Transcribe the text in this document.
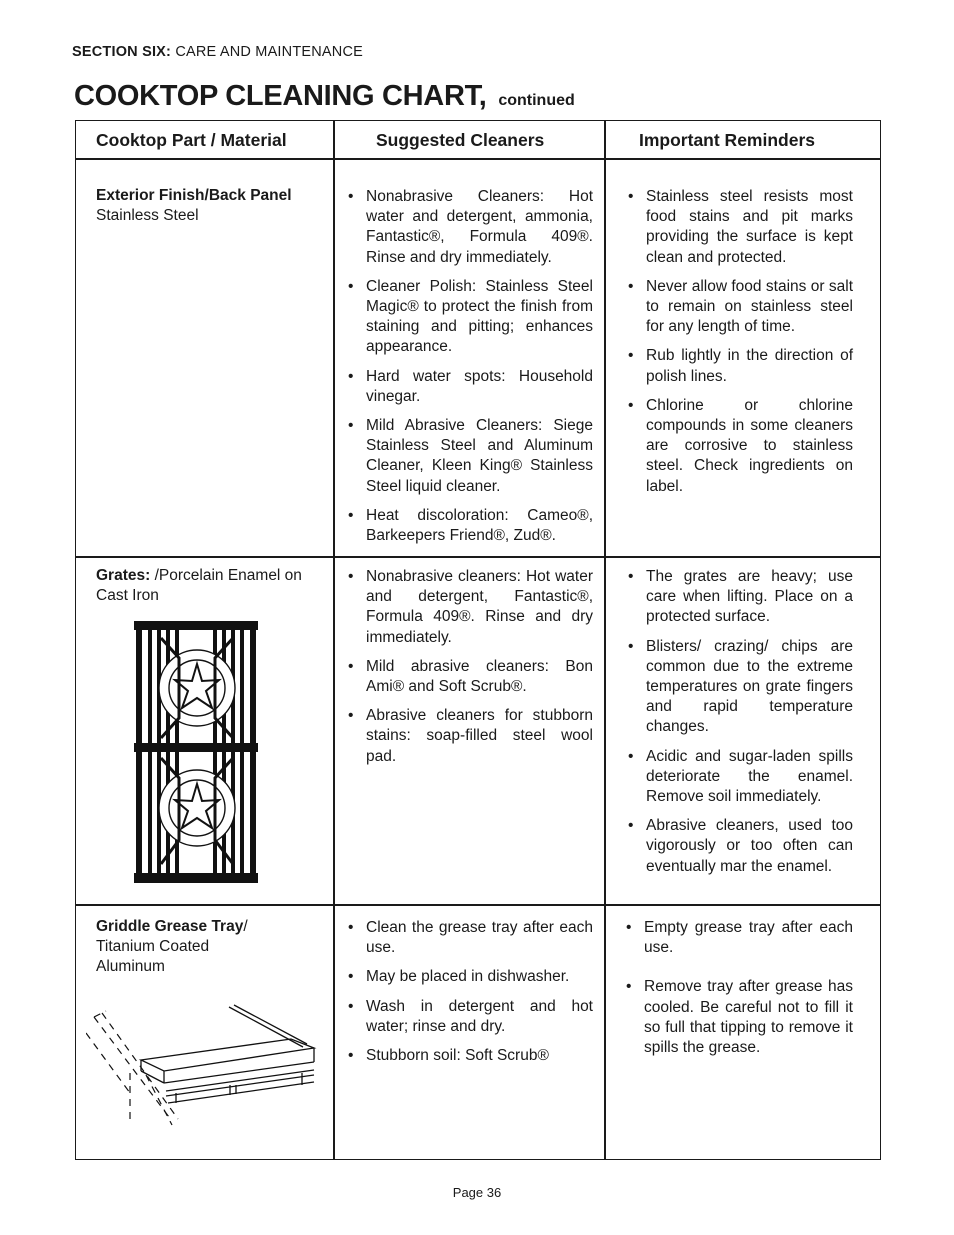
SECTION SIX: CARE AND MAINTENANCE
COOKTOP CLEANING CHART, continued
Cooktop Part / Material	Suggested Cleaners	Important Reminders
Exterior Finish/Back Panel
Stainless Steel
• Nonabrasive Cleaners: Hot water and detergent, ammonia, Fantastic®, Formula 409®. Rinse and dry immediately.
• Cleaner Polish: Stainless Steel Magic® to protect the finish from staining and pitting; enhances appearance.
• Hard water spots: Household vinegar.
• Mild Abrasive Cleaners: Siege Stainless Steel and Aluminum Cleaner, Kleen King® Stainless Steel liquid cleaner.
• Heat discoloration: Cameo®, Barkeepers Friend®, Zud®.
• Stainless steel resists most food stains and pit marks providing the surface is kept clean and protected.
• Never allow food stains or salt to remain on stainless steel for any length of time.
• Rub lightly in the direction of polish lines.
• Chlorine or chlorine compounds in some cleaners are corrosive to stainless steel. Check ingredients on label.
Grates: /Porcelain Enamel on Cast Iron
• Nonabrasive cleaners: Hot water and detergent, Fantastic®, Formula 409®. Rinse and dry immediately.
• Mild abrasive cleaners: Bon Ami® and Soft Scrub®.
• Abrasive cleaners for stubborn stains: soap-filled steel wool pad.
• The grates are heavy; use care when lifting. Place on a protected surface.
• Blisters/ crazing/ chips are common due to the extreme temperatures on grate fingers and rapid temperature changes.
• Acidic and sugar-laden spills deteriorate the enamel. Remove soil immediately.
• Abrasive cleaners, used too vigorously or too often can eventually mar the enamel.
Griddle Grease Tray/
Titanium Coated Aluminum
• Clean the grease tray after each use.
• May be placed in dishwasher.
• Wash in detergent and hot water; rinse and dry.
• Stubborn soil: Soft Scrub®
• Empty grease tray after each use.
• Remove tray after grease has cooled. Be careful not to fill it so full that tipping to remove it spills the grease.
Page 36
